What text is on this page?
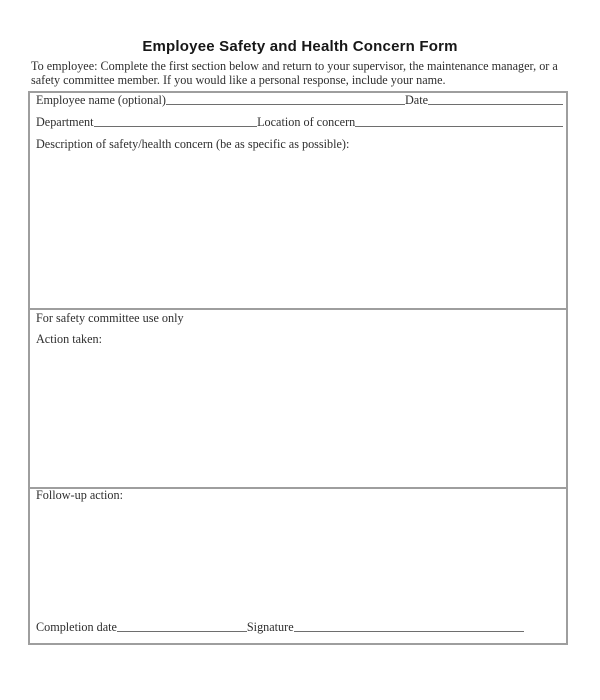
Employee Safety and Health Concern Form
To employee: Complete the first section below and return to your supervisor, the maintenance manager, or a
safety committee member. If you would like a personal response, include your name.
Employee name (optional)	Date
Department	Location of concern
Description of safety/health concern (be as specific as possible):
For safety committee use only
Action taken:
Follow-up action:
Completion date	Signature
